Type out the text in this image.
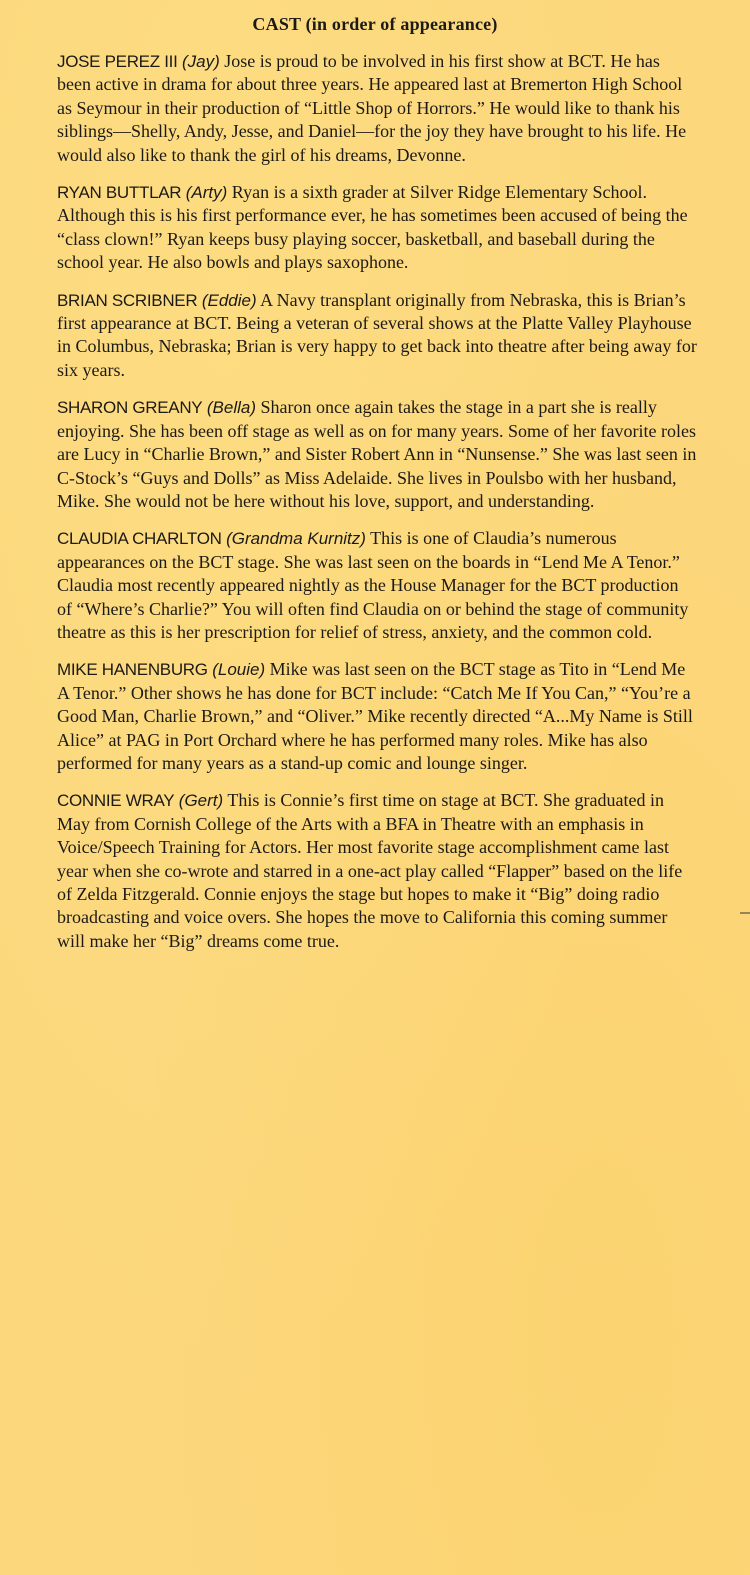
CAST (in order of appearance)

JOSE PEREZ III (Jay) Jose is proud to be involved in his first show at BCT. He has been active in drama for about three years. He appeared last at Bremerton High School as Seymour in their production of “Little Shop of Horrors.” He would like to thank his siblings—Shelly, Andy, Jesse, and Daniel—for the joy they have brought to his life. He would also like to thank the girl of his dreams, Devonne.

RYAN BUTTLAR (Arty) Ryan is a sixth grader at Silver Ridge Elementary School. Although this is his first performance ever, he has sometimes been accused of being the “class clown!” Ryan keeps busy playing soccer, basketball, and baseball during the school year. He also bowls and plays saxophone.

BRIAN SCRIBNER (Eddie) A Navy transplant originally from Nebraska, this is Brian’s first appearance at BCT. Being a veteran of several shows at the Platte Valley Playhouse in Columbus, Nebraska; Brian is very happy to get back into theatre after being away for six years.

SHARON GREANY (Bella) Sharon once again takes the stage in a part she is really enjoying. She has been off stage as well as on for many years. Some of her favorite roles are Lucy in “Charlie Brown,” and Sister Robert Ann in “Nunsense.” She was last seen in C-Stock’s “Guys and Dolls” as Miss Adelaide. She lives in Poulsbo with her husband, Mike. She would not be here without his love, support, and understanding.

CLAUDIA CHARLTON (Grandma Kurnitz) This is one of Claudia’s numerous appearances on the BCT stage. She was last seen on the boards in “Lend Me A Tenor.” Claudia most recently appeared nightly as the House Manager for the BCT production of “Where’s Charlie?” You will often find Claudia on or behind the stage of community theatre as this is her prescription for relief of stress, anxiety, and the common cold.

MIKE HANENBURG (Louie) Mike was last seen on the BCT stage as Tito in “Lend Me A Tenor.” Other shows he has done for BCT include: “Catch Me If You Can,” “You’re a Good Man, Charlie Brown,” and “Oliver.” Mike recently directed “A...My Name is Still Alice” at PAG in Port Orchard where he has performed many roles. Mike has also performed for many years as a stand-up comic and lounge singer.

CONNIE WRAY (Gert) This is Connie’s first time on stage at BCT. She graduated in May from Cornish College of the Arts with a BFA in Theatre with an emphasis in Voice/Speech Training for Actors. Her most favorite stage accomplishment came last year when she co-wrote and starred in a one-act play called “Flapper” based on the life of Zelda Fitzgerald. Connie enjoys the stage but hopes to make it “Big” doing radio broadcasting and voice overs. She hopes the move to California this coming summer will make her “Big” dreams come true.
